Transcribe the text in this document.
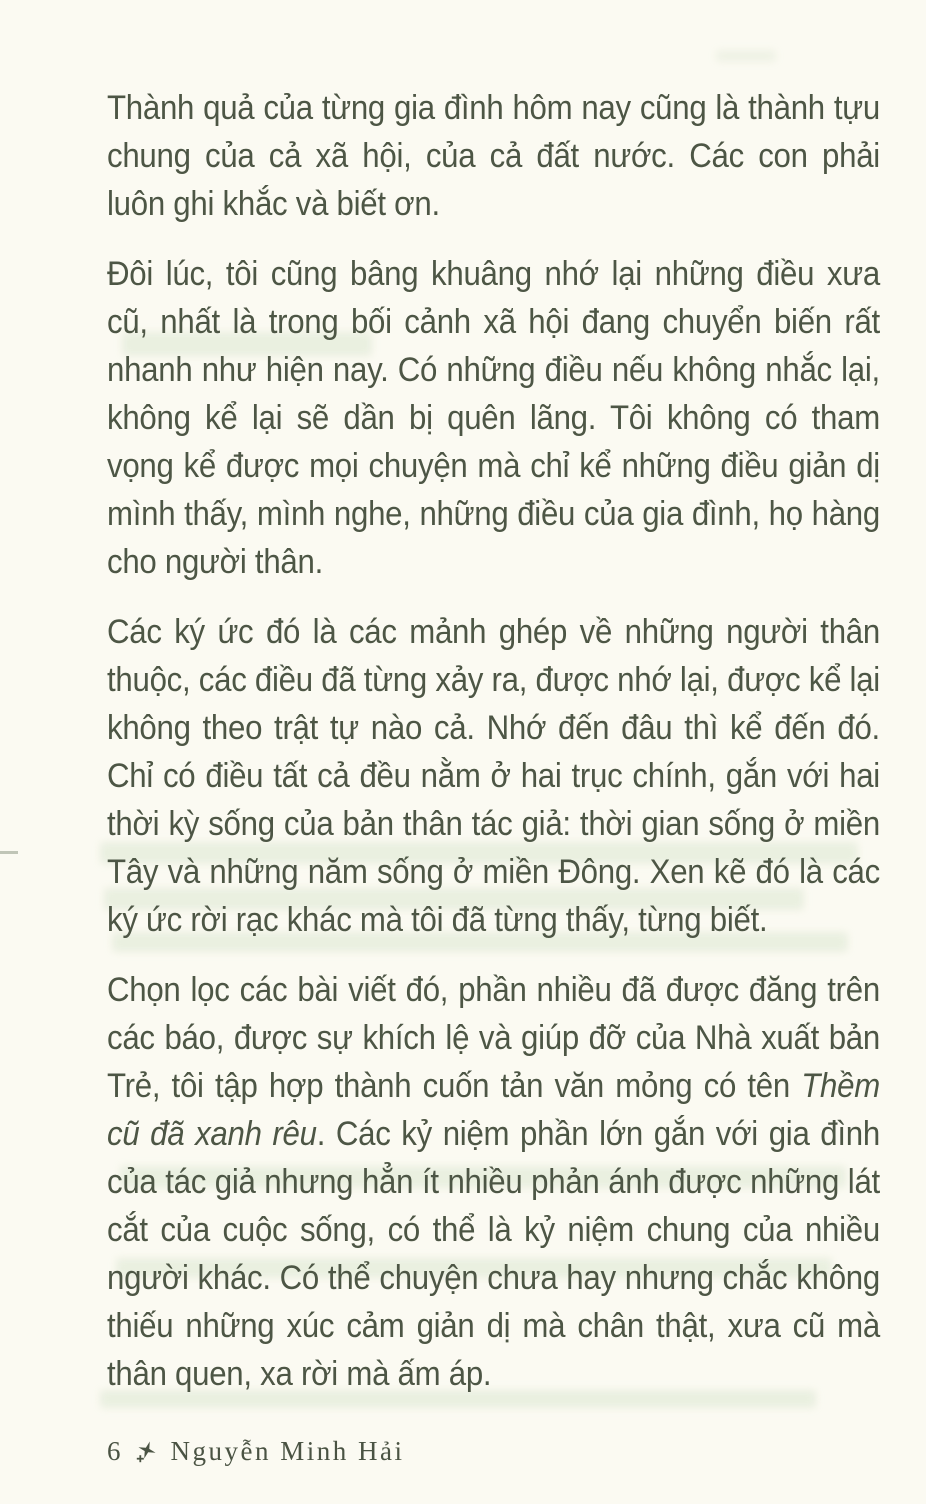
Thành quả của từng gia đình hôm nay cũng là thành tựu chung của cả xã hội, của cả đất nước. Các con phải luôn ghi khắc và biết ơn.

Đôi lúc, tôi cũng bâng khuâng nhớ lại những điều xưa cũ, nhất là trong bối cảnh xã hội đang chuyển biến rất nhanh như hiện nay. Có những điều nếu không nhắc lại, không kể lại sẽ dần bị quên lãng. Tôi không có tham vọng kể được mọi chuyện mà chỉ kể những điều giản dị mình thấy, mình nghe, những điều của gia đình, họ hàng cho người thân.

Các ký ức đó là các mảnh ghép về những người thân thuộc, các điều đã từng xảy ra, được nhớ lại, được kể lại không theo trật tự nào cả. Nhớ đến đâu thì kể đến đó. Chỉ có điều tất cả đều nằm ở hai trục chính, gắn với hai thời kỳ sống của bản thân tác giả: thời gian sống ở miền Tây và những năm sống ở miền Đông. Xen kẽ đó là các ký ức rời rạc khác mà tôi đã từng thấy, từng biết.

Chọn lọc các bài viết đó, phần nhiều đã được đăng trên các báo, được sự khích lệ và giúp đỡ của Nhà xuất bản Trẻ, tôi tập hợp thành cuốn tản văn mỏng có tên Thềm cũ đã xanh rêu. Các kỷ niệm phần lớn gắn với gia đình của tác giả nhưng hẳn ít nhiều phản ánh được những lát cắt của cuộc sống, có thể là kỷ niệm chung của nhiều người khác. Có thể chuyện chưa hay nhưng chắc không thiếu những xúc cảm giản dị mà chân thật, xưa cũ mà thân quen, xa rời mà ấm áp.

6 Nguyễn Minh Hải
